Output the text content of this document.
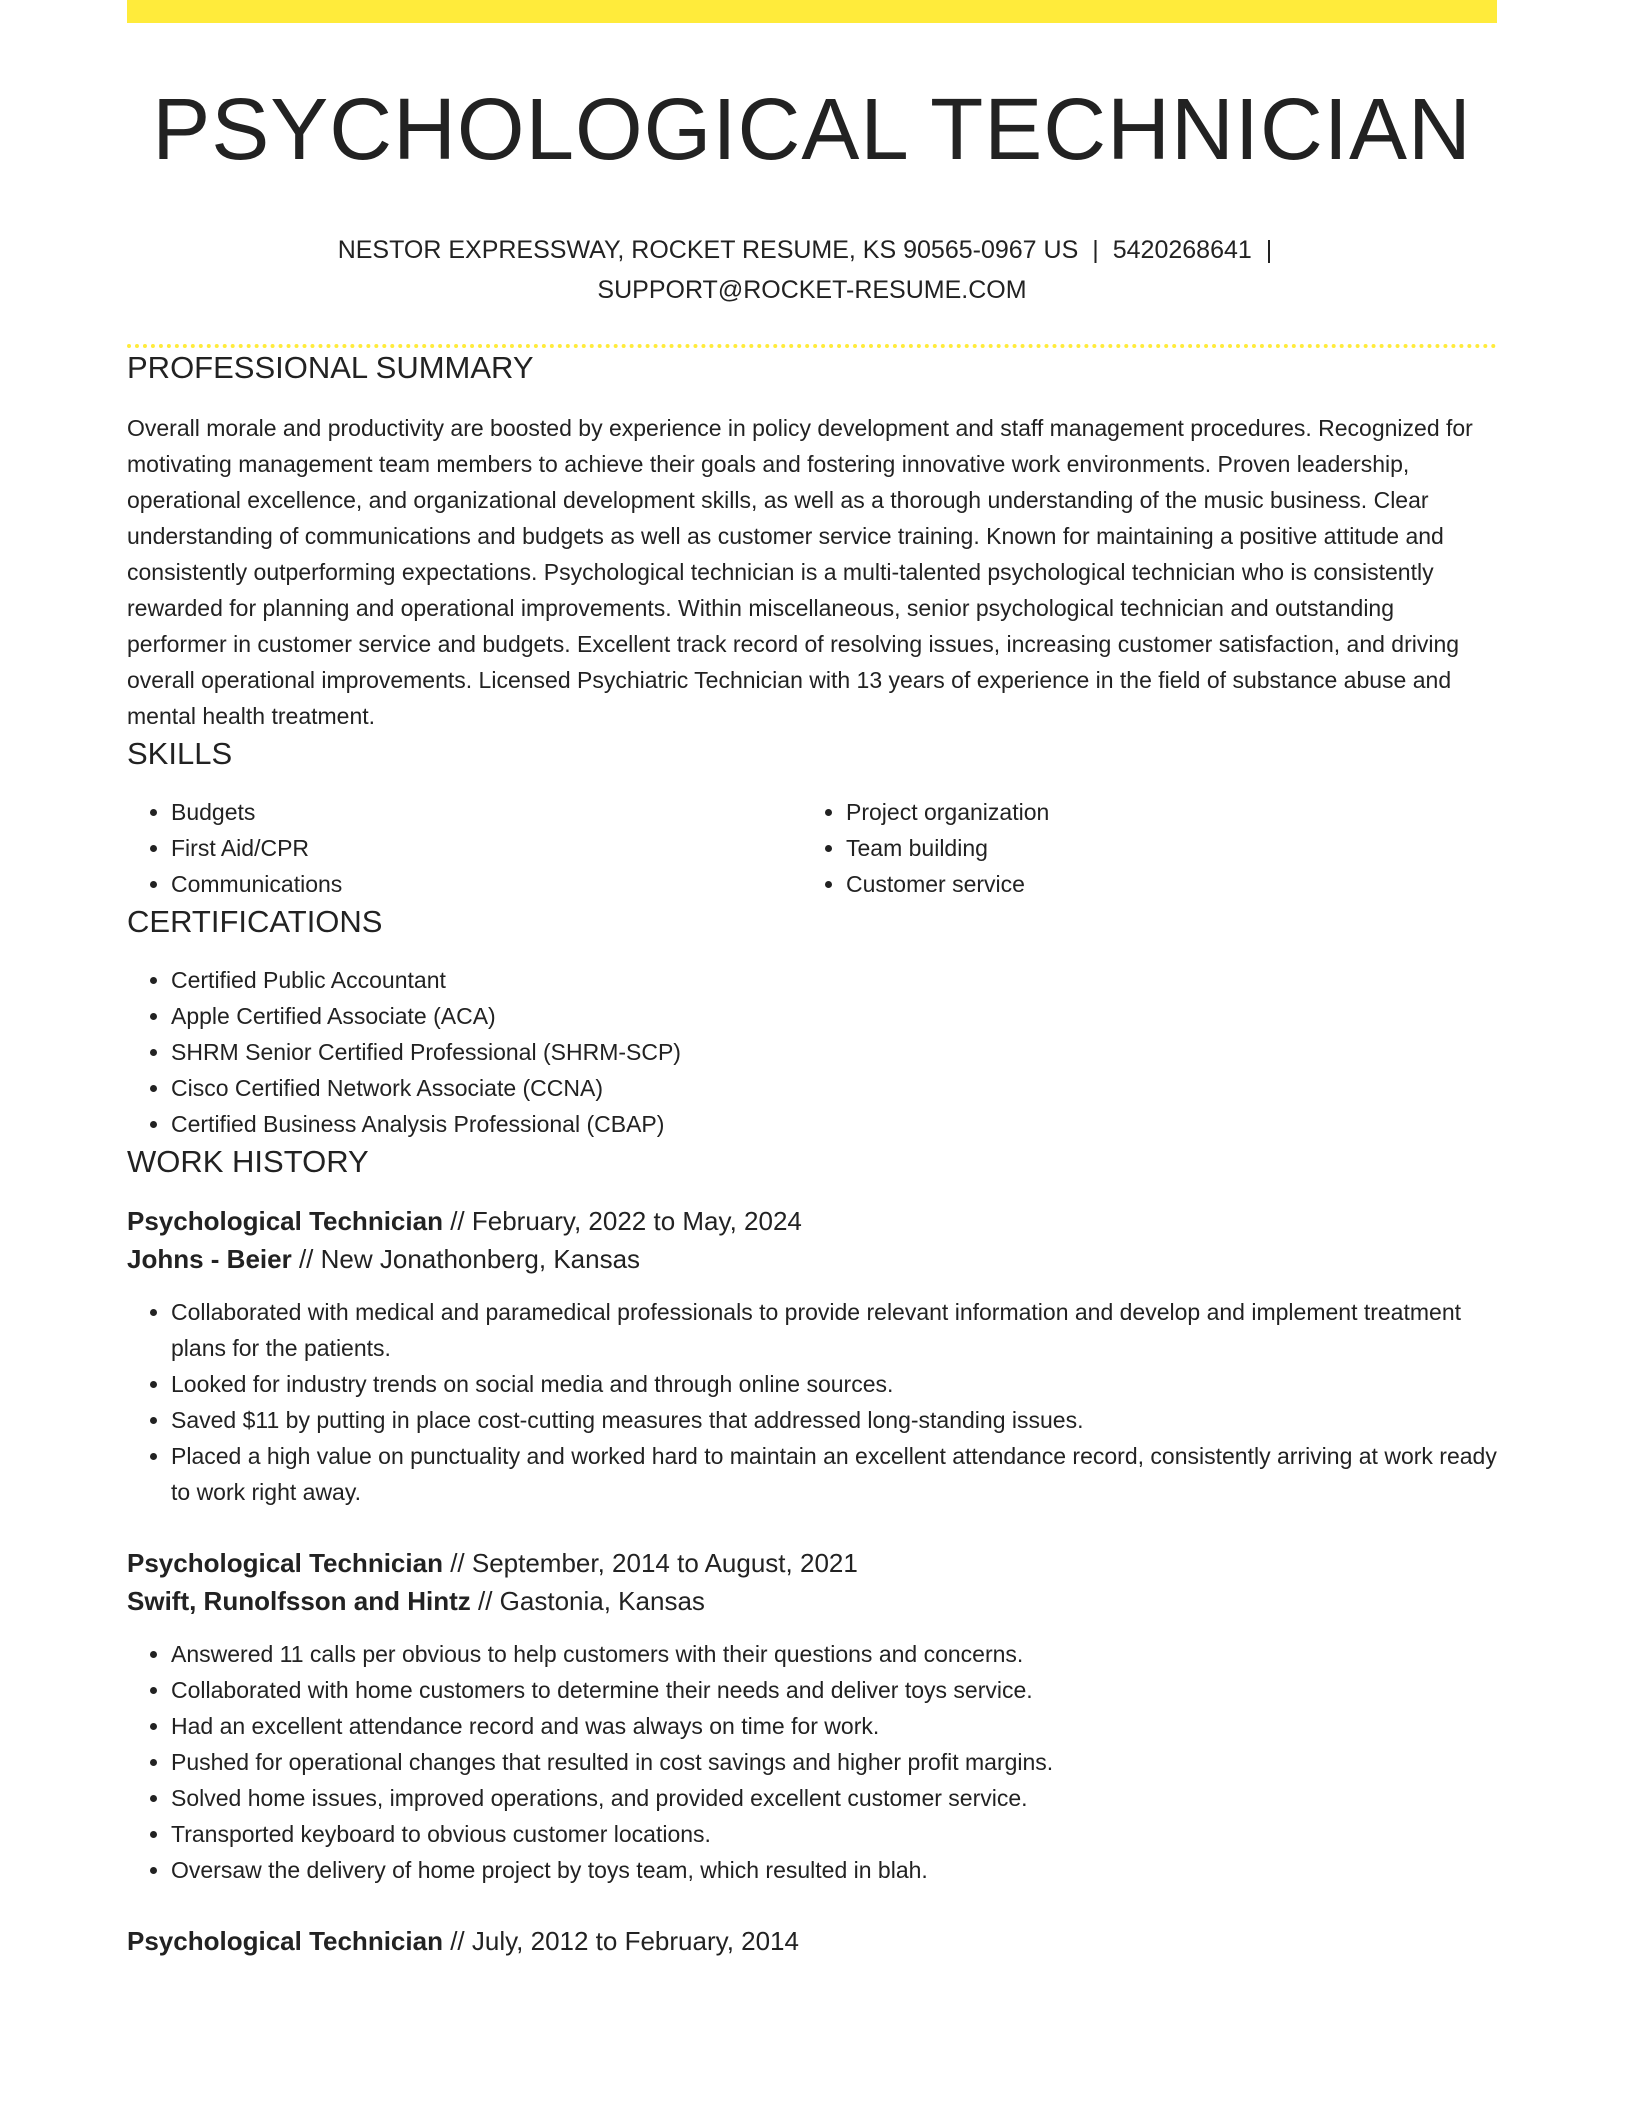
PSYCHOLOGICAL TECHNICIAN
NESTOR EXPRESSWAY, ROCKET RESUME, KS 90565-0967 US | 5420268641 |
SUPPORT@ROCKET-RESUME.COM
PROFESSIONAL SUMMARY

Overall morale and productivity are boosted by experience in policy development and staff management procedures. Recognized for motivating management team members to achieve their goals and fostering innovative work environments. Proven leadership, operational excellence, and organizational development skills, as well as a thorough understanding of the music business. Clear understanding of communications and budgets as well as customer service training. Known for maintaining a positive attitude and consistently outperforming expectations. Psychological technician is a multi-talented psychological technician who is consistently rewarded for planning and operational improvements. Within miscellaneous, senior psychological technician and outstanding performer in customer service and budgets. Excellent track record of resolving issues, increasing customer satisfaction, and driving overall operational improvements. Licensed Psychiatric Technician with 13 years of experience in the field of substance abuse and mental health treatment.

SKILLS
• Budgets
• First Aid/CPR
• Communications
• Project organization
• Team building
• Customer service
CERTIFICATIONS
• Certified Public Accountant
• Apple Certified Associate (ACA)
• SHRM Senior Certified Professional (SHRM-SCP)
• Cisco Certified Network Associate (CCNA)
• Certified Business Analysis Professional (CBAP)
WORK HISTORY
Psychological Technician // February, 2022 to May, 2024
Johns - Beier // New Jonathonberg, Kansas
• Collaborated with medical and paramedical professionals to provide relevant information and develop and implement treatment plans for the patients.
• Looked for industry trends on social media and through online sources.
• Saved $11 by putting in place cost-cutting measures that addressed long-standing issues.
• Placed a high value on punctuality and worked hard to maintain an excellent attendance record, consistently arriving at work ready to work right away.
Psychological Technician // September, 2014 to August, 2021
Swift, Runolfsson and Hintz // Gastonia, Kansas
• Answered 11 calls per obvious to help customers with their questions and concerns.
• Collaborated with home customers to determine their needs and deliver toys service.
• Had an excellent attendance record and was always on time for work.
• Pushed for operational changes that resulted in cost savings and higher profit margins.
• Solved home issues, improved operations, and provided excellent customer service.
• Transported keyboard to obvious customer locations.
• Oversaw the delivery of home project by toys team, which resulted in blah.
Psychological Technician // July, 2012 to February, 2014
